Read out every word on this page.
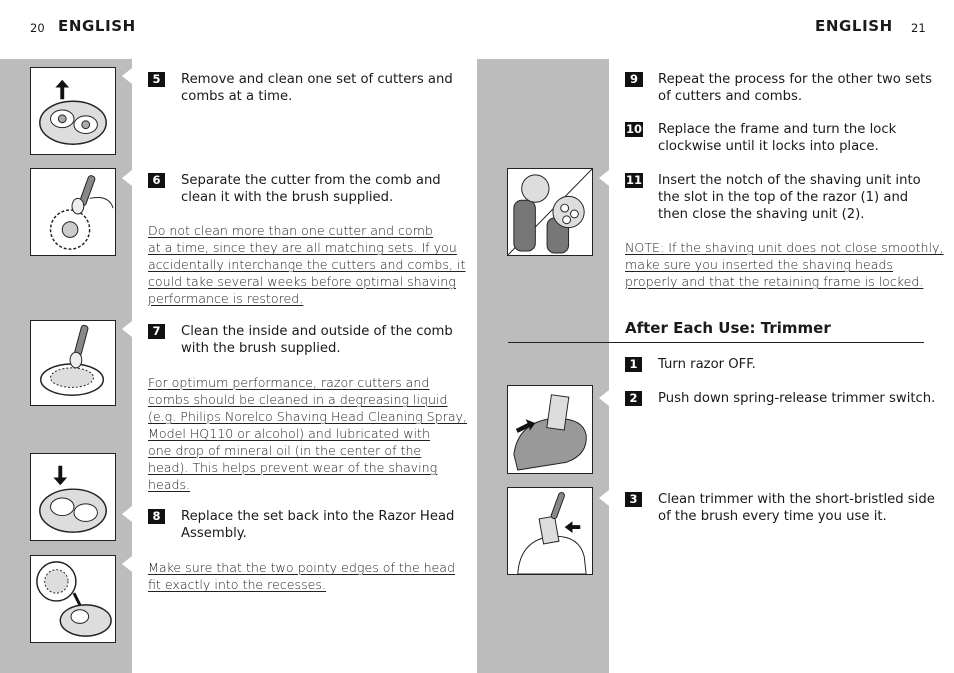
20 ENGLISH
5	Remove and clean one set of cutters and
combs at a time.
6	Separate the cutter from the comb and
clean it with the brush supplied.
Do not clean more than one cutter and comb
at a time, since they are all matching sets. If you
accidentally interchange the cutters and combs, it
could take several weeks before optimal shaving
performance is restored.
7	Clean the inside and outside of the comb
with the brush supplied.
For optimum performance, razor cutters and
combs should be cleaned in a degreasing liquid
(e.g. Philips Norelco Shaving Head Cleaning Spray,
Model HQ110 or alcohol) and lubricated with
one drop of mineral oil (in the center of the
head). This helps prevent wear of the shaving
heads.
8	Replace the set back into the Razor Head
Assembly.
Make sure that the two pointy edges of the head
fit exactly into the recesses.
ENGLISH 21
9	Repeat the process for the other two sets
of cutters and combs.
10 Replace the frame and turn the lock
clockwise until it locks into place.
11 Insert the notch of the shaving unit into
the slot in the top of the razor (1) and
then close the shaving unit (2).
NOTE: If the shaving unit does not close smoothly,
make sure you inserted the shaving heads
properly and that the retaining frame is locked.
After Each Use: Trimmer
1	Turn razor OFF.
2	Push down spring-release trimmer switch.
3	Clean trimmer with the short-bristled side
of the brush every time you use it.
